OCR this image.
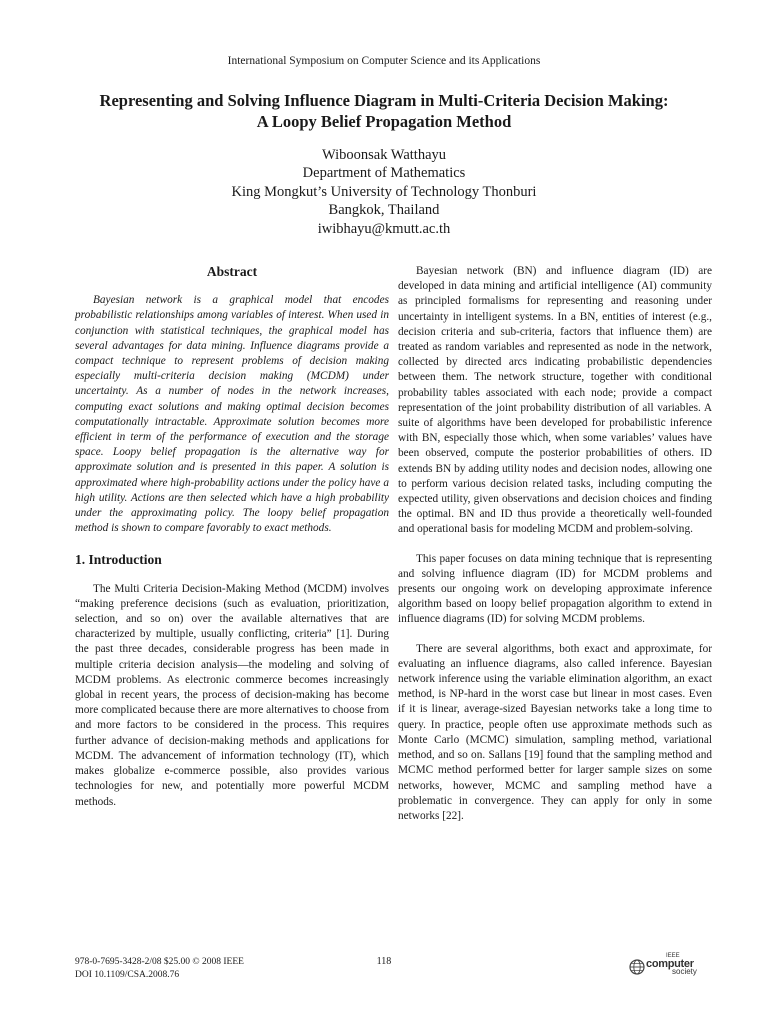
International Symposium on Computer Science and its Applications
Representing and Solving Influence Diagram in Multi-Criteria Decision Making:
A Loopy Belief Propagation Method
Wiboonsak Watthayu
Department of Mathematics
King Mongkut’s University of Technology Thonburi
Bangkok, Thailand
iwibhayu@kmutt.ac.th
Abstract

Bayesian network is a graphical model that encodes probabilistic relationships among variables of interest. When used in conjunction with statistical techniques, the graphical model has several advantages for data mining. Influence diagrams provide a compact technique to represent problems of decision making especially multi-criteria decision making (MCDM) under uncertainty. As a number of nodes in the network increases, computing exact solutions and making optimal decision becomes computationally intractable. Approximate solution becomes more efficient in term of the performance of execution and the storage space. Loopy belief propagation is the alternative way for approximate solution and is presented in this paper. A solution is approximated where high-probability actions under the policy have a high utility. Actions are then selected which have a high probability under the approximating policy. The loopy belief propagation method is shown to compare favorably to exact methods.

1. Introduction

The Multi Criteria Decision-Making Method (MCDM) involves “making preference decisions (such as evaluation, prioritization, selection, and so on) over the available alternatives that are characterized by multiple, usually conflicting, criteria” [1]. During the past three decades, considerable progress has been made in multiple criteria decision analysis—the modeling and solving of MCDM problems. As electronic commerce becomes increasingly global in recent years, the process of decision-making has become more complicated because there are more alternatives to choose from and more factors to be considered in the process. This requires further advance of decision-making methods and applications for MCDM. The advancement of information technology (IT), which makes globalize e-commerce possible, also provides various technologies for new, and potentially more powerful MCDM methods.

Bayesian network (BN) and influence diagram (ID) are developed in data mining and artificial intelligence (AI) community as principled formalisms for representing and reasoning under uncertainty in intelligent systems. In a BN, entities of interest (e.g., decision criteria and sub-criteria, factors that influence them) are treated as random variables and represented as node in the network, collected by directed arcs indicating probabilistic dependencies between them. The network structure, together with conditional probability tables associated with each node; provide a compact representation of the joint probability distribution of all variables. A suite of algorithms have been developed for probabilistic inference with BN, especially those which, when some variables’ values have been observed, compute the posterior probabilities of others. ID extends BN by adding utility nodes and decision nodes, allowing one to perform various decision related tasks, including computing the expected utility, given observations and decision choices and finding the optimal. BN and ID thus provide a theoretically well-founded and operational basis for modeling MCDM and problem-solving.

This paper focuses on data mining technique that is representing and solving influence diagram (ID) for MCDM problems and presents our ongoing work on developing approximate inference algorithm based on loopy belief propagation algorithm to extend in influence diagrams (ID) for solving MCDM problems.

There are several algorithms, both exact and approximate, for evaluating an influence diagrams, also called inference. Bayesian network inference using the variable elimination algorithm, an exact method, is NP-hard in the worst case but linear in most cases. Even if it is linear, average-sized Bayesian networks take a long time to query. In practice, people often use approximate methods such as Monte Carlo (MCMC) simulation, sampling method, variational method, and so on. Sallans [19] found that the sampling method and MCMC method performed better for larger sample sizes on some networks, however, MCMC and sampling method have a problematic in convergence. They can apply for only in some networks [22].

978-0-7695-3428-2/08 $25.00 © 2008 IEEE
DOI 10.1109/CSA.2008.76
118	IEEE
computer
society
